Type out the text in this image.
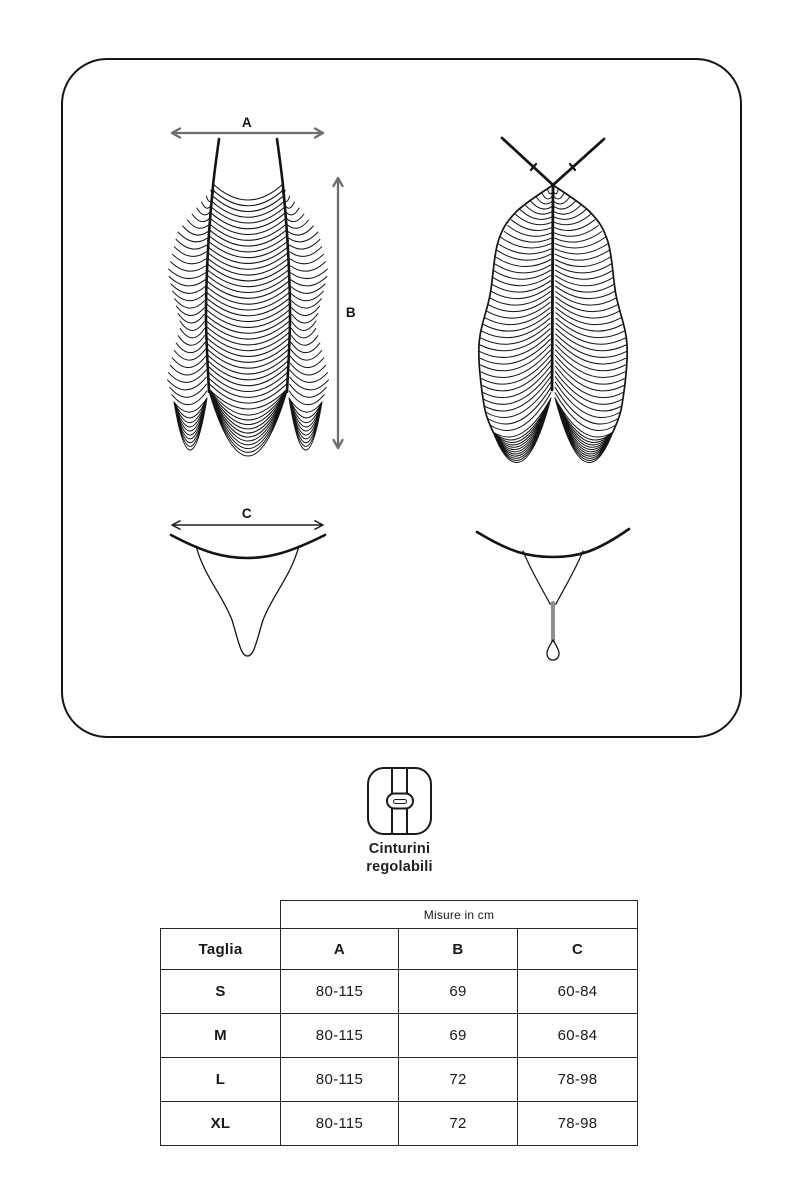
A
B
C
Cinturini
regolabili
	Misure in cm		
Taglia	A	B	C
S	80-115	69	60-84
M	80-115	69	60-84
L	80-115	72	78-98
XL	80-115	72	78-98
